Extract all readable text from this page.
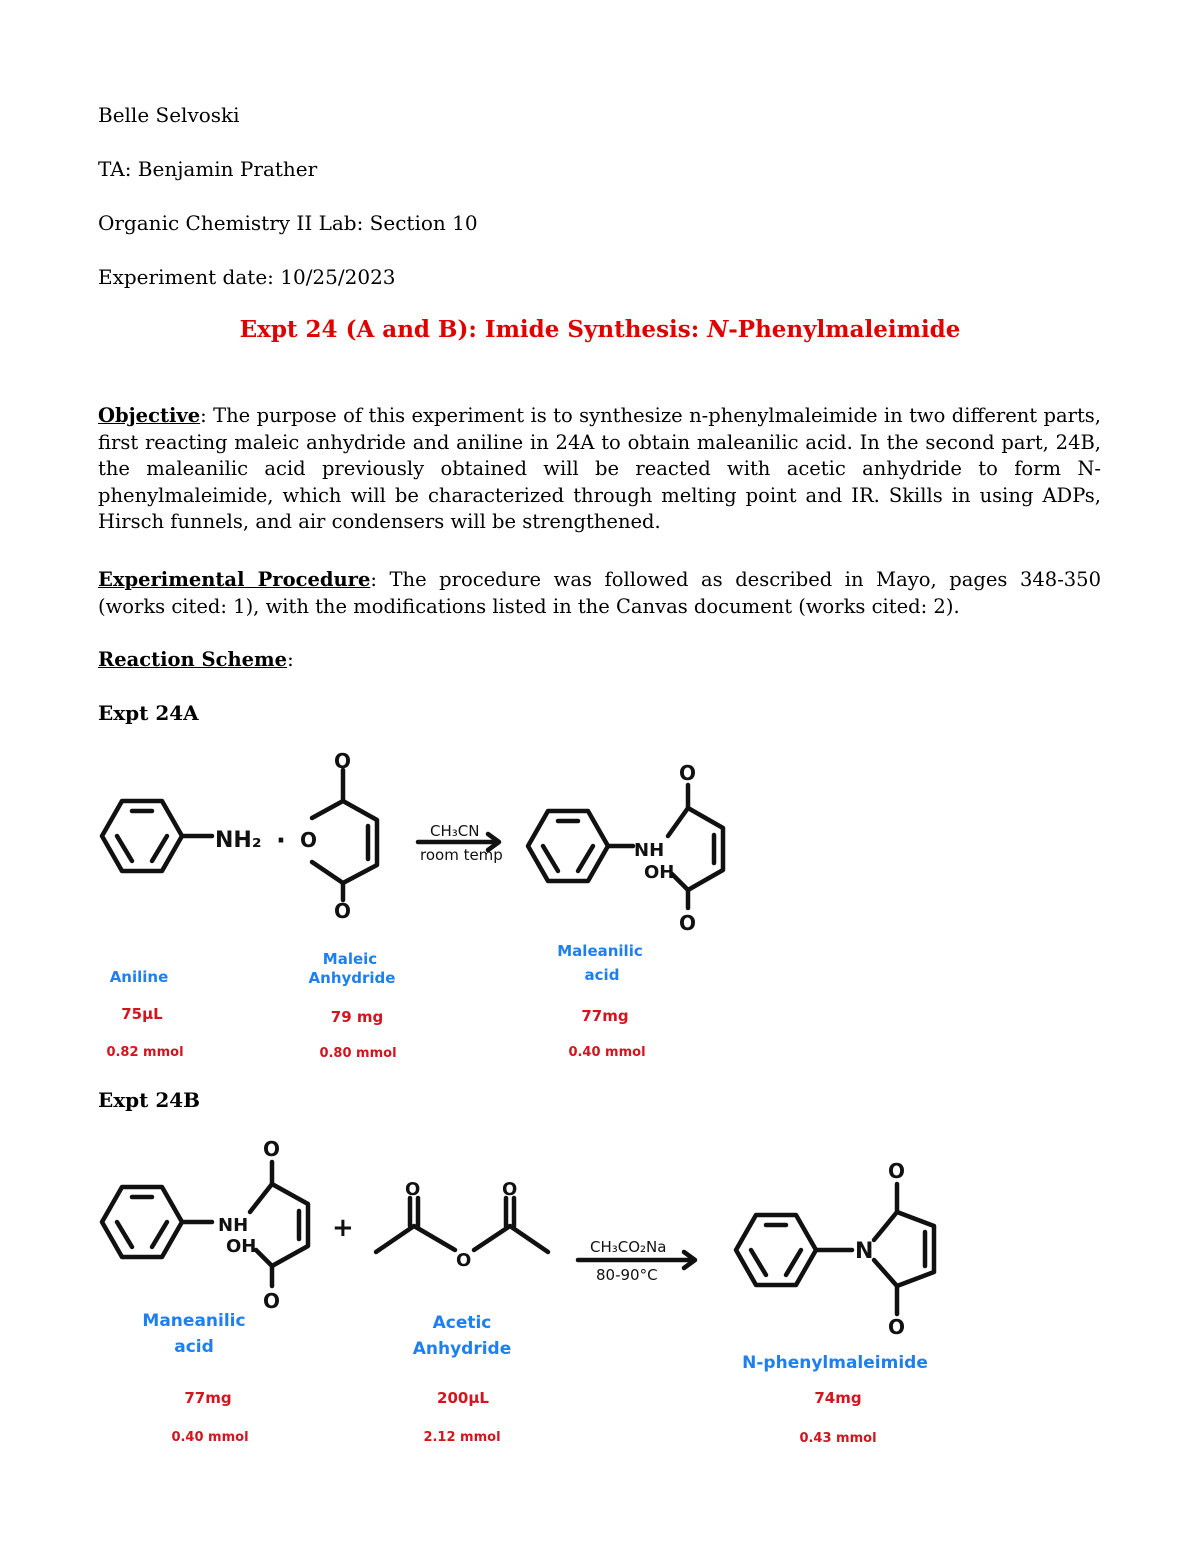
Belle Selvoski
TA: Benjamin Prather
Organic Chemistry II Lab: Section 10
Experiment date: 10/25/2023
Expt 24 (A and B): Imide Synthesis: N-Phenylmaleimide
Objective: The purpose of this experiment is to synthesize n-phenylmaleimide in two different parts, first reacting maleic anhydride and aniline in 24A to obtain maleanilic acid. In the second part, 24B, the maleanilic acid previously obtained will be reacted with acetic anhydride to form N-phenylmaleimide, which will be characterized through melting point and IR. Skills in using ADPs, Hirsch funnels, and air condensers will be strengthened.
Experimental Procedure: The procedure was followed as described in Mayo, pages 348-350 (works cited: 1), with the modifications listed in the Canvas document (works cited: 2).
Reaction Scheme:
Expt 24A
NH₂ · O
O
O
NH
OH
O
O
CH₃CN
room temp
Aniline
75µL
0.82 mmol
Maleic
Anhydride
79 mg
0.80 mmol
Maleanilic
acid
77mg
0.40 mmol
Expt 24B
NH
OH
O
O
+
O
O
O
N
O
O
CH₃CO₂Na
80-90°C
Maneanilic
acid
77mg
0.40 mmol
Acetic
Anhydride
200µL
2.12 mmol
N-phenylmaleimide
74mg
0.43 mmol
